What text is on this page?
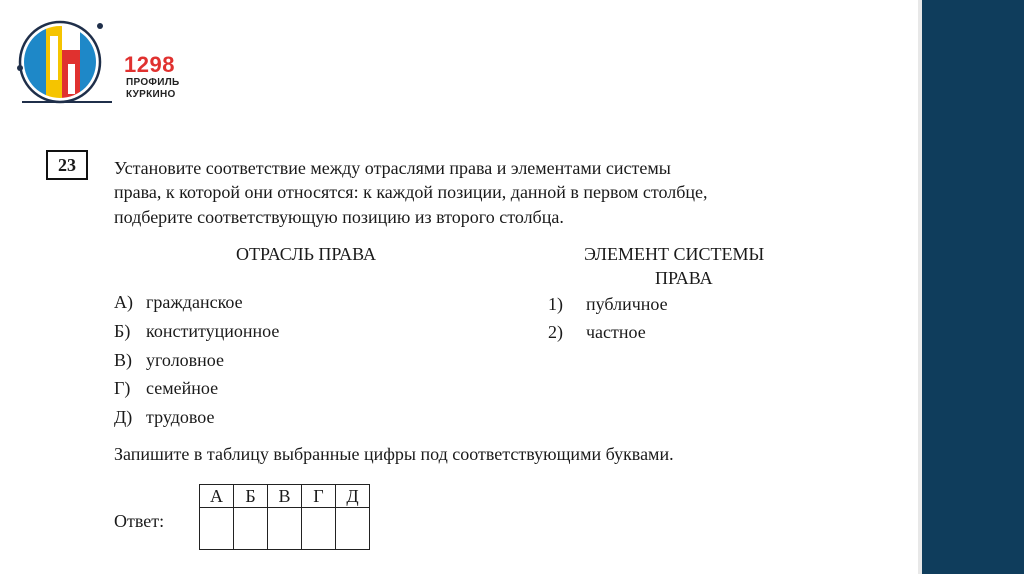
1298
ПРОФИЛЬ
КУРКИНО
23	Установите соответствие между отраслями права и элементами системы
права, к которой они относятся: к каждой позиции, данной в первом столбце,
подберите соответствующую позицию из второго столбца.
ОТРАСЛЬ ПРАВА	ЭЛЕМЕНТ СИСТЕМЫ
ПРАВА
А) гражданское
Б) конституционное
В) уголовное
Г) семейное
Д) трудовое
1) публичное
2) частное
Запишите в таблицу выбранные цифры под соответствующими буквами.
Ответ:
А	Б	В	Г	Д
